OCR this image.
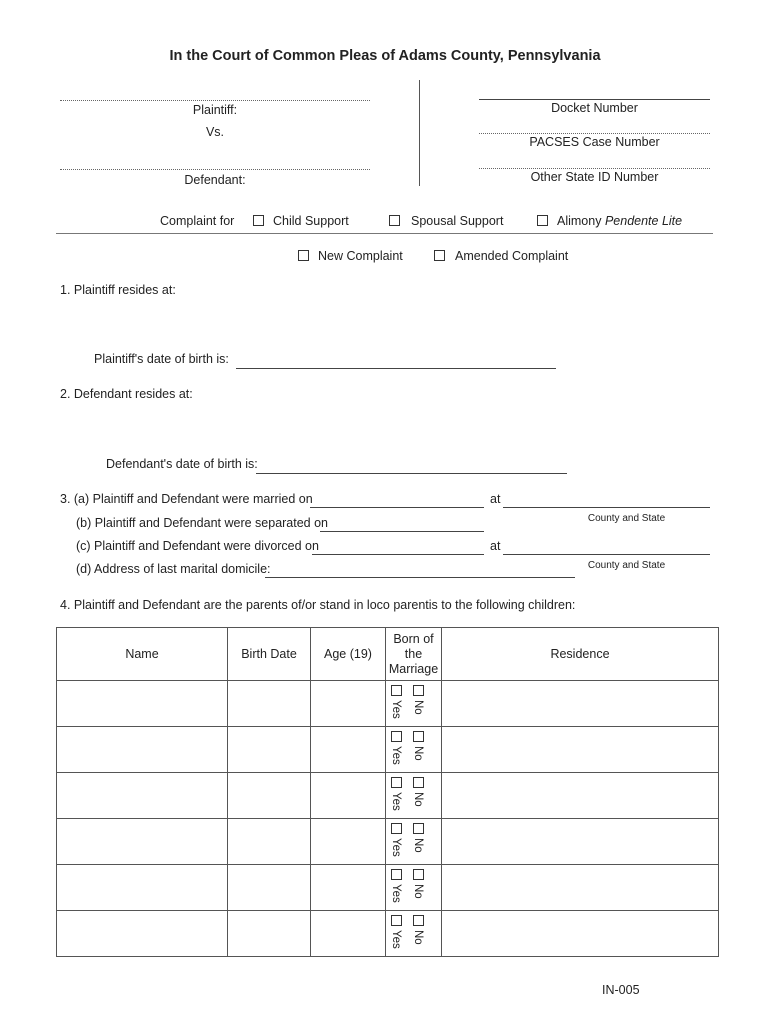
In the Court of Common Pleas of Adams County, Pennsylvania
Plaintiff:
Vs.
Defendant:
Docket Number
PACSES Case Number
Other State ID Number
Complaint for	Child Support	Spousal Support	Alimony Pendente Lite
New Complaint	Amended Complaint
1. Plaintiff resides at:
Plaintiff's date of birth is:
2. Defendant resides at:
Defendant's date of birth is:
3. (a) Plaintiff and Defendant were married on	at
County and State
(b) Plaintiff and Defendant were separated on
(c) Plaintiff and Defendant were divorced on	at
County and State
(d) Address of last marital domicile:
4. Plaintiff and Defendant are the parents of/or stand in loco parentis to the following children:
Name	Birth Date	Age (19)	Born of
the
Marriage	Residence

			Yes No	

			Yes No	

			Yes No	

			Yes No	

			Yes No	

			Yes No	

IN-005
